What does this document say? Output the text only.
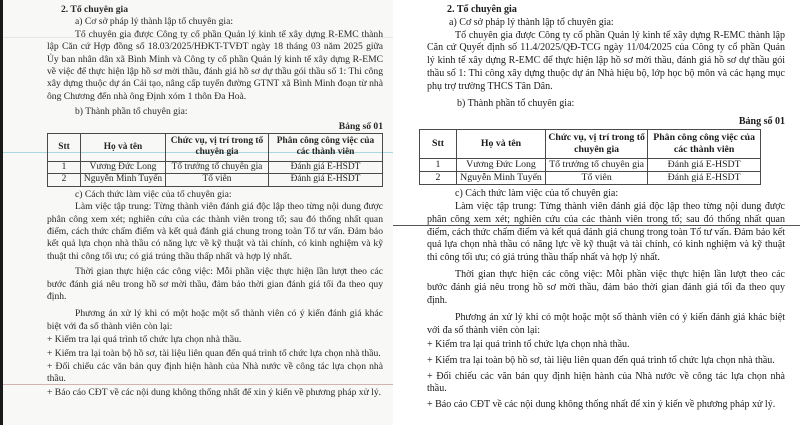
2. Tổ chuyên gia
a) Cơ sở pháp lý thành lập tổ chuyên gia:
Tổ chuyên gia được Công ty cổ phần Quản lý kinh tế xây dựng R-EMC thành lập Căn cứ Hợp đồng số 18.03/2025/HĐKT-TVĐT ngày 18 tháng 03 năm 2025 giữa Ủy ban nhân dân xã Bình Minh và Công ty cổ phần Quản lý kinh tế xây dựng R-EMC về việc để thực hiện lập hồ sơ mời thầu, đánh giá hồ sơ dự thầu gói thầu số 1: Thi công xây dựng thuộc dự án Cải tạo, nâng cấp tuyến đường GTNT xã Bình Minh đoạn từ nhà ông Chương đến nhà ông Định xóm 1 thôn Đa Hoà.
b) Thành phần tổ chuyên gia:
Bảng số 01
Stt	Họ và tên	Chức vụ, vị trí trong tổ chuyên gia	Phân công công việc của các thành viên
1	Vương Đức Long	Tổ trưởng tổ chuyên gia	Đánh giá E-HSDT
2	Nguyễn Minh Tuyến	Tổ viên	Đánh giá E-HSDT
c) Cách thức làm việc của tổ chuyên gia:
Làm việc tập trung: Từng thành viên đánh giá độc lập theo từng nội dung được phân công xem xét; nghiên cứu của các thành viên trong tổ; sau đó thống nhất quan điểm, cách thức chấm điểm và kết quả đánh giá chung trong toàn Tổ tư vấn. Đảm bảo kết quả lựa chọn nhà thầu có năng lực về kỹ thuật và tài chính, có kinh nghiệm và kỹ thuật thi công tối ưu; có giá trúng thầu thấp nhất và hợp lý nhất.
Thời gian thực hiện các công việc: Mỗi phần việc thực hiện lần lượt theo các bước đánh giá nêu trong hồ sơ mời thầu, đảm bảo thời gian đánh giá tối đa theo quy định.
Phương án xử lý khi có một hoặc một số thành viên có ý kiến đánh giá khác biệt với đa số thành viên còn lại:
+ Kiểm tra lại quá trình tổ chức lựa chọn nhà thầu.
+ Kiểm tra lại toàn bộ hồ sơ, tài liệu liên quan đến quá trình tổ chức lựa chọn nhà thầu.
+ Đối chiếu các văn bản quy định hiện hành của Nhà nước về công tác lựa chọn nhà thầu.
+ Báo cáo CĐT về các nội dung không thống nhất để xin ý kiến về phương pháp xử lý.
2. Tổ chuyên gia
a) Cơ sở pháp lý thành lập tổ chuyên gia:
Tổ chuyên gia được Công ty cổ phần Quản lý kinh tế xây dựng R-EMC thành lập Căn cứ Quyết định số 11.4/2025/QĐ-TCG ngày 11/04/2025 của Công ty cổ phần Quản lý kinh tế xây dựng R-EMC để thực hiện lập hồ sơ mời thầu, đánh giá hồ sơ dự thầu gói thầu số 1: Thi công xây dựng thuộc dự án Nhà hiệu bộ, lớp học bộ môn và các hạng mục phụ trợ trường THCS Tân Dân.
b) Thành phần tổ chuyên gia:
Bảng số 01
Stt	Họ và tên	Chức vụ, vị trí trong tổ chuyên gia	Phân công công việc của các thành viên
1	Vương Đức Long	Tổ trưởng tổ chuyên gia	Đánh giá E-HSDT
2	Nguyễn Minh Tuyến	Tổ viên	Đánh giá E-HSDT
c) Cách thức làm việc của tổ chuyên gia:
Làm việc tập trung: Từng thành viên đánh giá độc lập theo từng nội dung được phân công xem xét; nghiên cứu của các thành viên trong tổ; sau đó thống nhất quan điểm, cách thức chấm điểm và kết quả đánh giá chung trong toàn Tổ tư vấn. Đảm bảo kết quả lựa chọn nhà thầu có năng lực về kỹ thuật và tài chính, có kinh nghiệm và kỹ thuật thi công tối ưu; có giá trúng thầu thấp nhất và hợp lý nhất.
Thời gian thực hiện các công việc: Mỗi phần việc thực hiện lần lượt theo các bước đánh giá nêu trong hồ sơ mời thầu, đảm bảo thời gian đánh giá tối đa theo quy định.
Phương án xử lý khi có một hoặc một số thành viên có ý kiến đánh giá khác biệt với đa số thành viên còn lại:
+ Kiểm tra lại quá trình tổ chức lựa chọn nhà thầu.
+ Kiểm tra lại toàn bộ hồ sơ, tài liệu liên quan đến quá trình tổ chức lựa chọn nhà thầu.
+ Đối chiếu các văn bản quy định hiện hành của Nhà nước về công tác lựa chọn nhà thầu.
+ Báo cáo CĐT về các nội dung không thống nhất để xin ý kiến về phương pháp xử lý.
